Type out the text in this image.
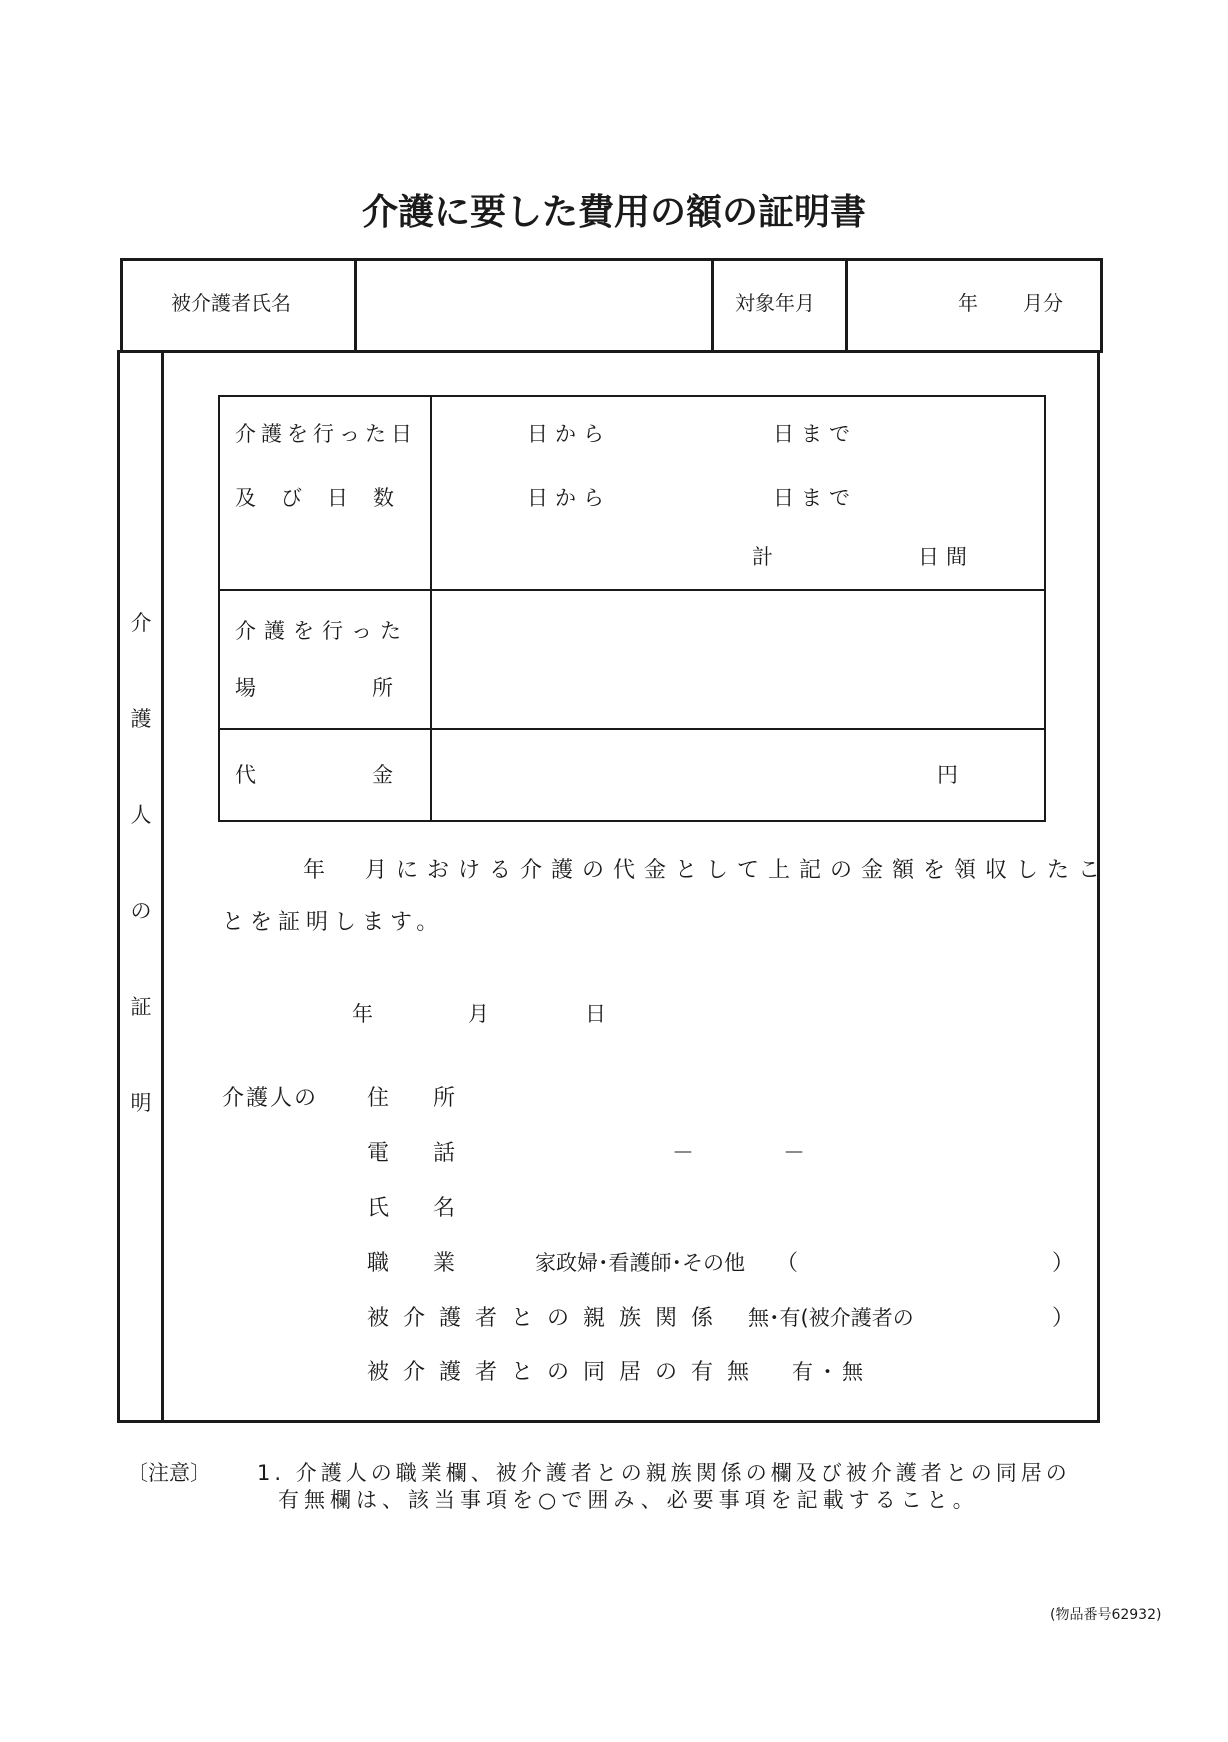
介護に要した費用の額の証明書
被介護者氏名	対象年月	年 月分
介
護
人
の
証
明
介護を行った日
及び日数
日から	日まで
日から	日まで
計	日間
介護を行った
場所
代金	円
年　月における介護の代金として上記の金額を領収したこ
とを証明します。
年	月	日
介護人の 住　　所
電　　話	－	－
氏　　名
職　　業	家政婦･看護師･その他 （	）
被介護者との親族関係 無･有(被介護者の	）
被介護者との同居の有無 有・無
〔注意〕 1. 介護人の職業欄、被介護者との親族関係の欄及び被介護者との同居の
有無欄は、該当事項を○で囲み、必要事項を記載すること。
(物品番号62932)
